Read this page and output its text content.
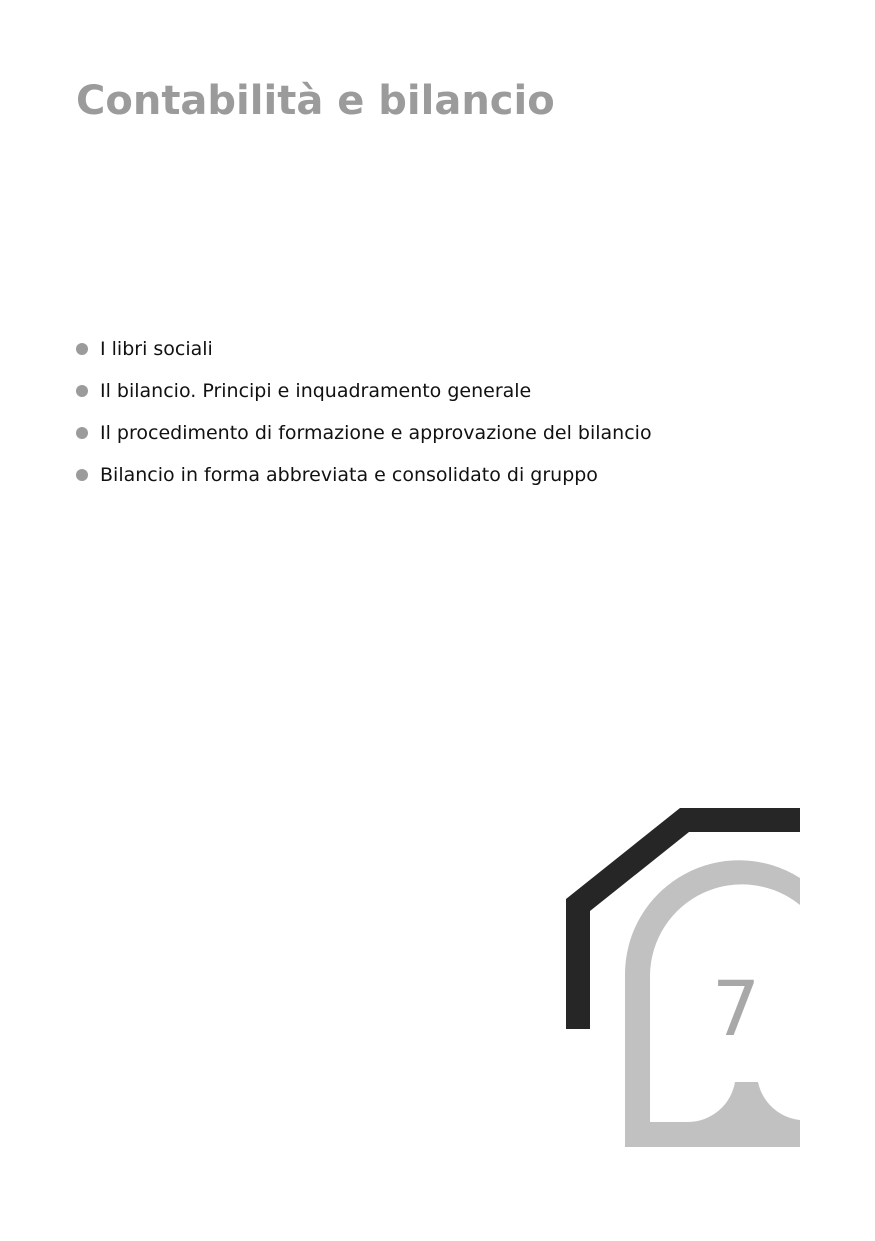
Contabilità e bilancio
I libri sociali
Il bilancio. Principi e inquadramento generale
Il procedimento di formazione e approvazione del bilancio
Bilancio in forma abbreviata e consolidato di gruppo
7
